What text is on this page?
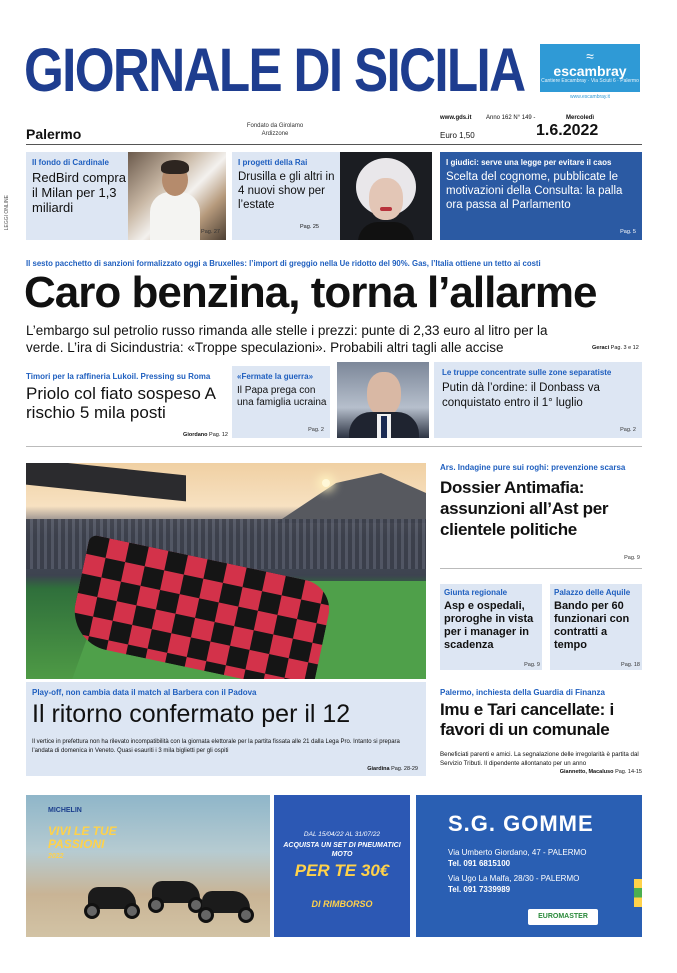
GIORNALE DI SICILIA	≈
escambray
Cantiere Escambray · Via Sciuti 6 · Palermo
www.escambray.it
LEGGI ONLINE
Palermo	Fondato da Girolamo Ardizzone
www.gds.it Anno 162 N° 149 -	Mercoledì
Euro 1,50	1.6.2022
Il fondo di Cardinale
RedBird compra il Milan per 1,3 miliardi
Pag. 27
I progetti della Rai
Drusilla e gli altri in 4 nuovi show per l’estate
Pag. 25
I giudici: serve una legge per evitare il caos
Scelta del cognome, pubblicate le motivazioni della Consulta: la palla ora passa al Parlamento
Pag. 5
Il sesto pacchetto di sanzioni formalizzato oggi a Bruxelles: l’import di greggio nella Ue ridotto del 90%. Gas, l’Italia ottiene un tetto ai costi
Caro benzina, torna l’allarme
L’embargo sul petrolio russo rimanda alle stelle i prezzi: punte di 2,33 euro al litro per la verde. L’ira di Sicindustria: «Troppe speculazioni». Probabili altri tagli alle accise	Geraci Pag. 3 e 12
Timori per la raffineria Lukoil. Pressing su Roma
Priolo col fiato sospeso A rischio 5 mila posti
Giordano Pag. 12
«Fermate la guerra»
Il Papa prega con una famiglia ucraina
Pag. 2
Le truppe concentrate sulle zone separatiste
Putin dà l’ordine: il Donbass va conquistato entro il 1° luglio
Pag. 2
Play-off, non cambia data il match al Barbera con il Padova
Il ritorno confermato per il 12
Il vertice in prefettura non ha rilevato incompatibilità con la giornata elettorale per la partita fissata alle 21 dalla Lega Pro. Intanto si prepara l’andata di domenica in Veneto. Quasi esauriti i 3 mila biglietti per gli ospiti
Giardina Pag. 28-29
Ars. Indagine pure sui roghi: prevenzione scarsa
Dossier Antimafia: assunzioni all’Ast per clientele politiche
Pag. 9
Giunta regionale
Asp e ospedali, proroghe in vista per i manager in scadenza
Pag. 9
Palazzo delle Aquile
Bando per 60 funzionari con contratti a tempo
Pag. 18
Palermo, inchiesta della Guardia di Finanza
Imu e Tari cancellate: i favori di un comunale
Beneficiati parenti e amici. La segnalazione delle irregolarità è partita dal Servizio Tributi. Il dipendente allontanato per un anno
Giannetto, Macaluso Pag. 14-15
MICHELIN
VIVI LE TUE PASSIONI
2022
DAL 15/04/22 AL 31/07/22
ACQUISTA UN SET DI PNEUMATICI MOTO
PER TE 30€
DI RIMBORSO
S.G. GOMME
Via Umberto Giordano, 47 - PALERMO
Tel. 091 6815100
Via Ugo La Malfa, 28/30 - PALERMO
Tel. 091 7339989
EUROMASTER
